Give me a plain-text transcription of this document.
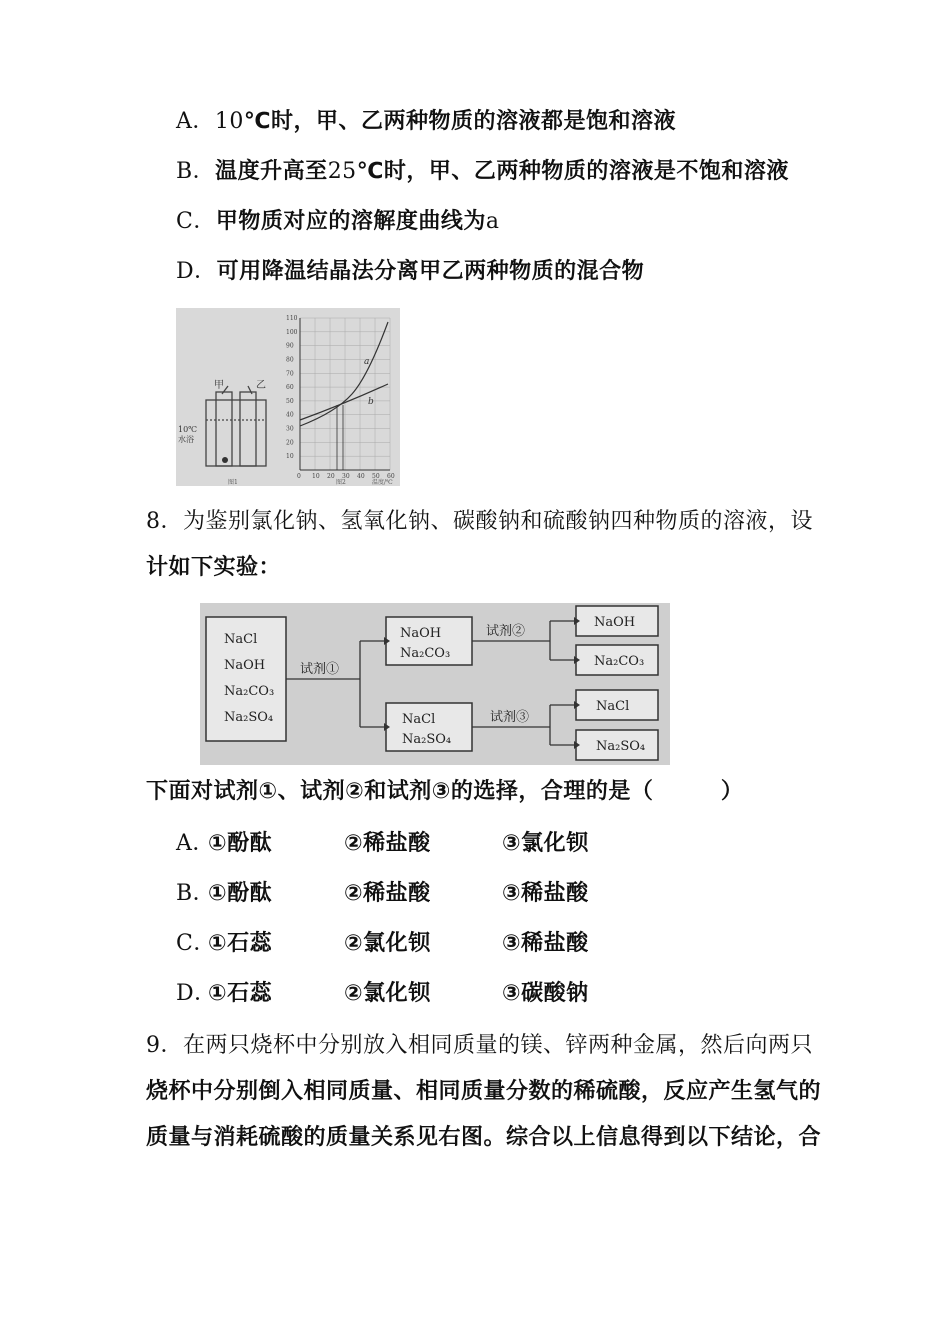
A．10℃时，甲、乙两种物质的溶液都是饱和溶液
B．温度升高至25℃时，甲、乙两种物质的溶液是不饱和溶液
C．甲物质对应的溶解度曲线为a
D．可用降温结晶法分离甲乙两种物质的混合物
甲	乙
10℃
水浴
图1
0 10 20 30 40 50 60
110
100
90
80
70
60
50
40
30
20
10
图2	温度/℃
a
b
8．为鉴别氯化钠、氢氧化钠、碳酸钠和硫酸钠四种物质的溶液，设
计如下实验：
NaCl
NaOH
Na₂CO₃
Na₂SO₄
试剂①
NaOH
Na₂CO₃
NaCl
Na₂SO₄
试剂②
试剂③
NaOH
Na₂CO₃
NaCl
Na₂SO₄
下面对试剂①、试剂②和试剂③的选择，合理的是（　　　）
A．
①酚酞	②稀盐酸	③氯化钡
B．
①酚酞	②稀盐酸	③稀盐酸
C．
①石蕊	②氯化钡	③稀盐酸
D．
①石蕊	②氯化钡	③碳酸钠
9．在两只烧杯中分别放入相同质量的镁、锌两种金属，然后向两只
烧杯中分别倒入相同质量、相同质量分数的稀硫酸，反应产生氢气的
质量与消耗硫酸的质量关系见右图。综合以上信息得到以下结论，合
